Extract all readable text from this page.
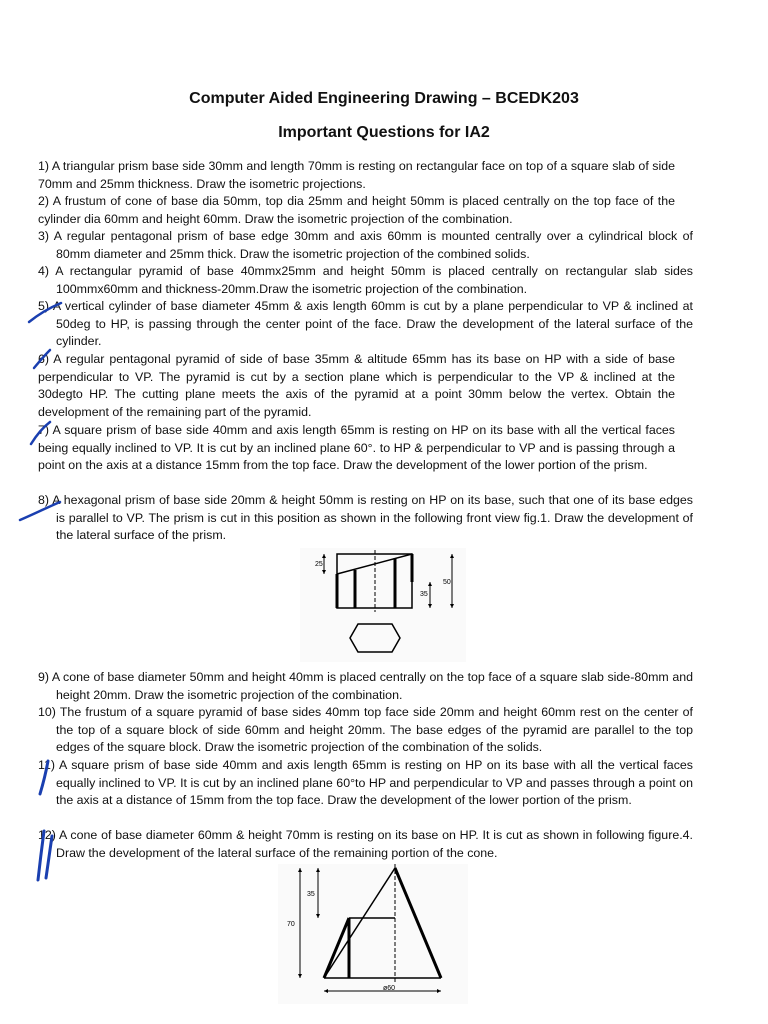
Computer Aided Engineering Drawing – BCEDK203
Important Questions for IA2
1) A triangular prism base side 30mm and length 70mm is resting on rectangular face on top of a square slab of side 70mm and 25mm thickness. Draw the isometric projections.
2) A frustum of cone of base dia 50mm, top dia 25mm and height 50mm is placed centrally on the top face of the cylinder dia 60mm and height 60mm. Draw the isometric projection of the combination.
3) A regular pentagonal prism of base edge 30mm and axis 60mm is mounted centrally over a cylindrical block of 80mm diameter and 25mm thick. Draw the isometric projection of the combined solids.
4) A rectangular pyramid of base 40mmx25mm and height 50mm is placed centrally on rectangular slab sides 100mmx60mm and thickness-20mm.Draw the isometric projection of the combination.
5) A vertical cylinder of base diameter 45mm & axis length 60mm is cut by a plane perpendicular to VP & inclined at 50deg to HP, is passing through the center point of the face. Draw the development of the lateral surface of the cylinder.
6) A regular pentagonal pyramid of side of base 35mm & altitude 65mm has its base on HP with a side of base perpendicular to VP. The pyramid is cut by a section plane which is perpendicular to the VP & inclined at the 30degto HP. The cutting plane meets the axis of the pyramid at a point 30mm below the vertex. Obtain the development of the remaining part of the pyramid.
7) A square prism of base side 40mm and axis length 65mm is resting on HP on its base with all the vertical faces being equally inclined to VP. It is cut by an inclined plane 60°. to HP & perpendicular to VP and is passing through a point on the axis at a distance 15mm from the top face. Draw the development of the lower portion of the prism.
8) A hexagonal prism of base side 20mm & height 50mm is resting on HP on its base, such that one of its base edges is parallel to VP. The prism is cut in this position as shown in the following front view fig.1. Draw the development of the lateral surface of the prism.
25
50
35
9) A cone of base diameter 50mm and height 40mm is placed centrally on the top face of a square slab side-80mm and height 20mm. Draw the isometric projection of the combination.
10) The frustum of a square pyramid of base sides 40mm top face side 20mm and height 60mm rest on the center of the top of a square block of side 60mm and height 20mm. The base edges of the pyramid are parallel to the top edges of the square block. Draw the isometric projection of the combination of the solids.
11) A square prism of base side 40mm and axis length 65mm is resting on HP on its base with all the vertical faces equally inclined to VP. It is cut by an inclined plane 60°to HP and perpendicular to VP and passes through a point on the axis at a distance of 15mm from the top face. Draw the development of the lower portion of the prism.
12) A cone of base diameter 60mm & height 70mm is resting on its base on HP. It is cut as shown in following figure.4. Draw the development of the lateral surface of the remaining portion of the cone.
70
35
ø60
